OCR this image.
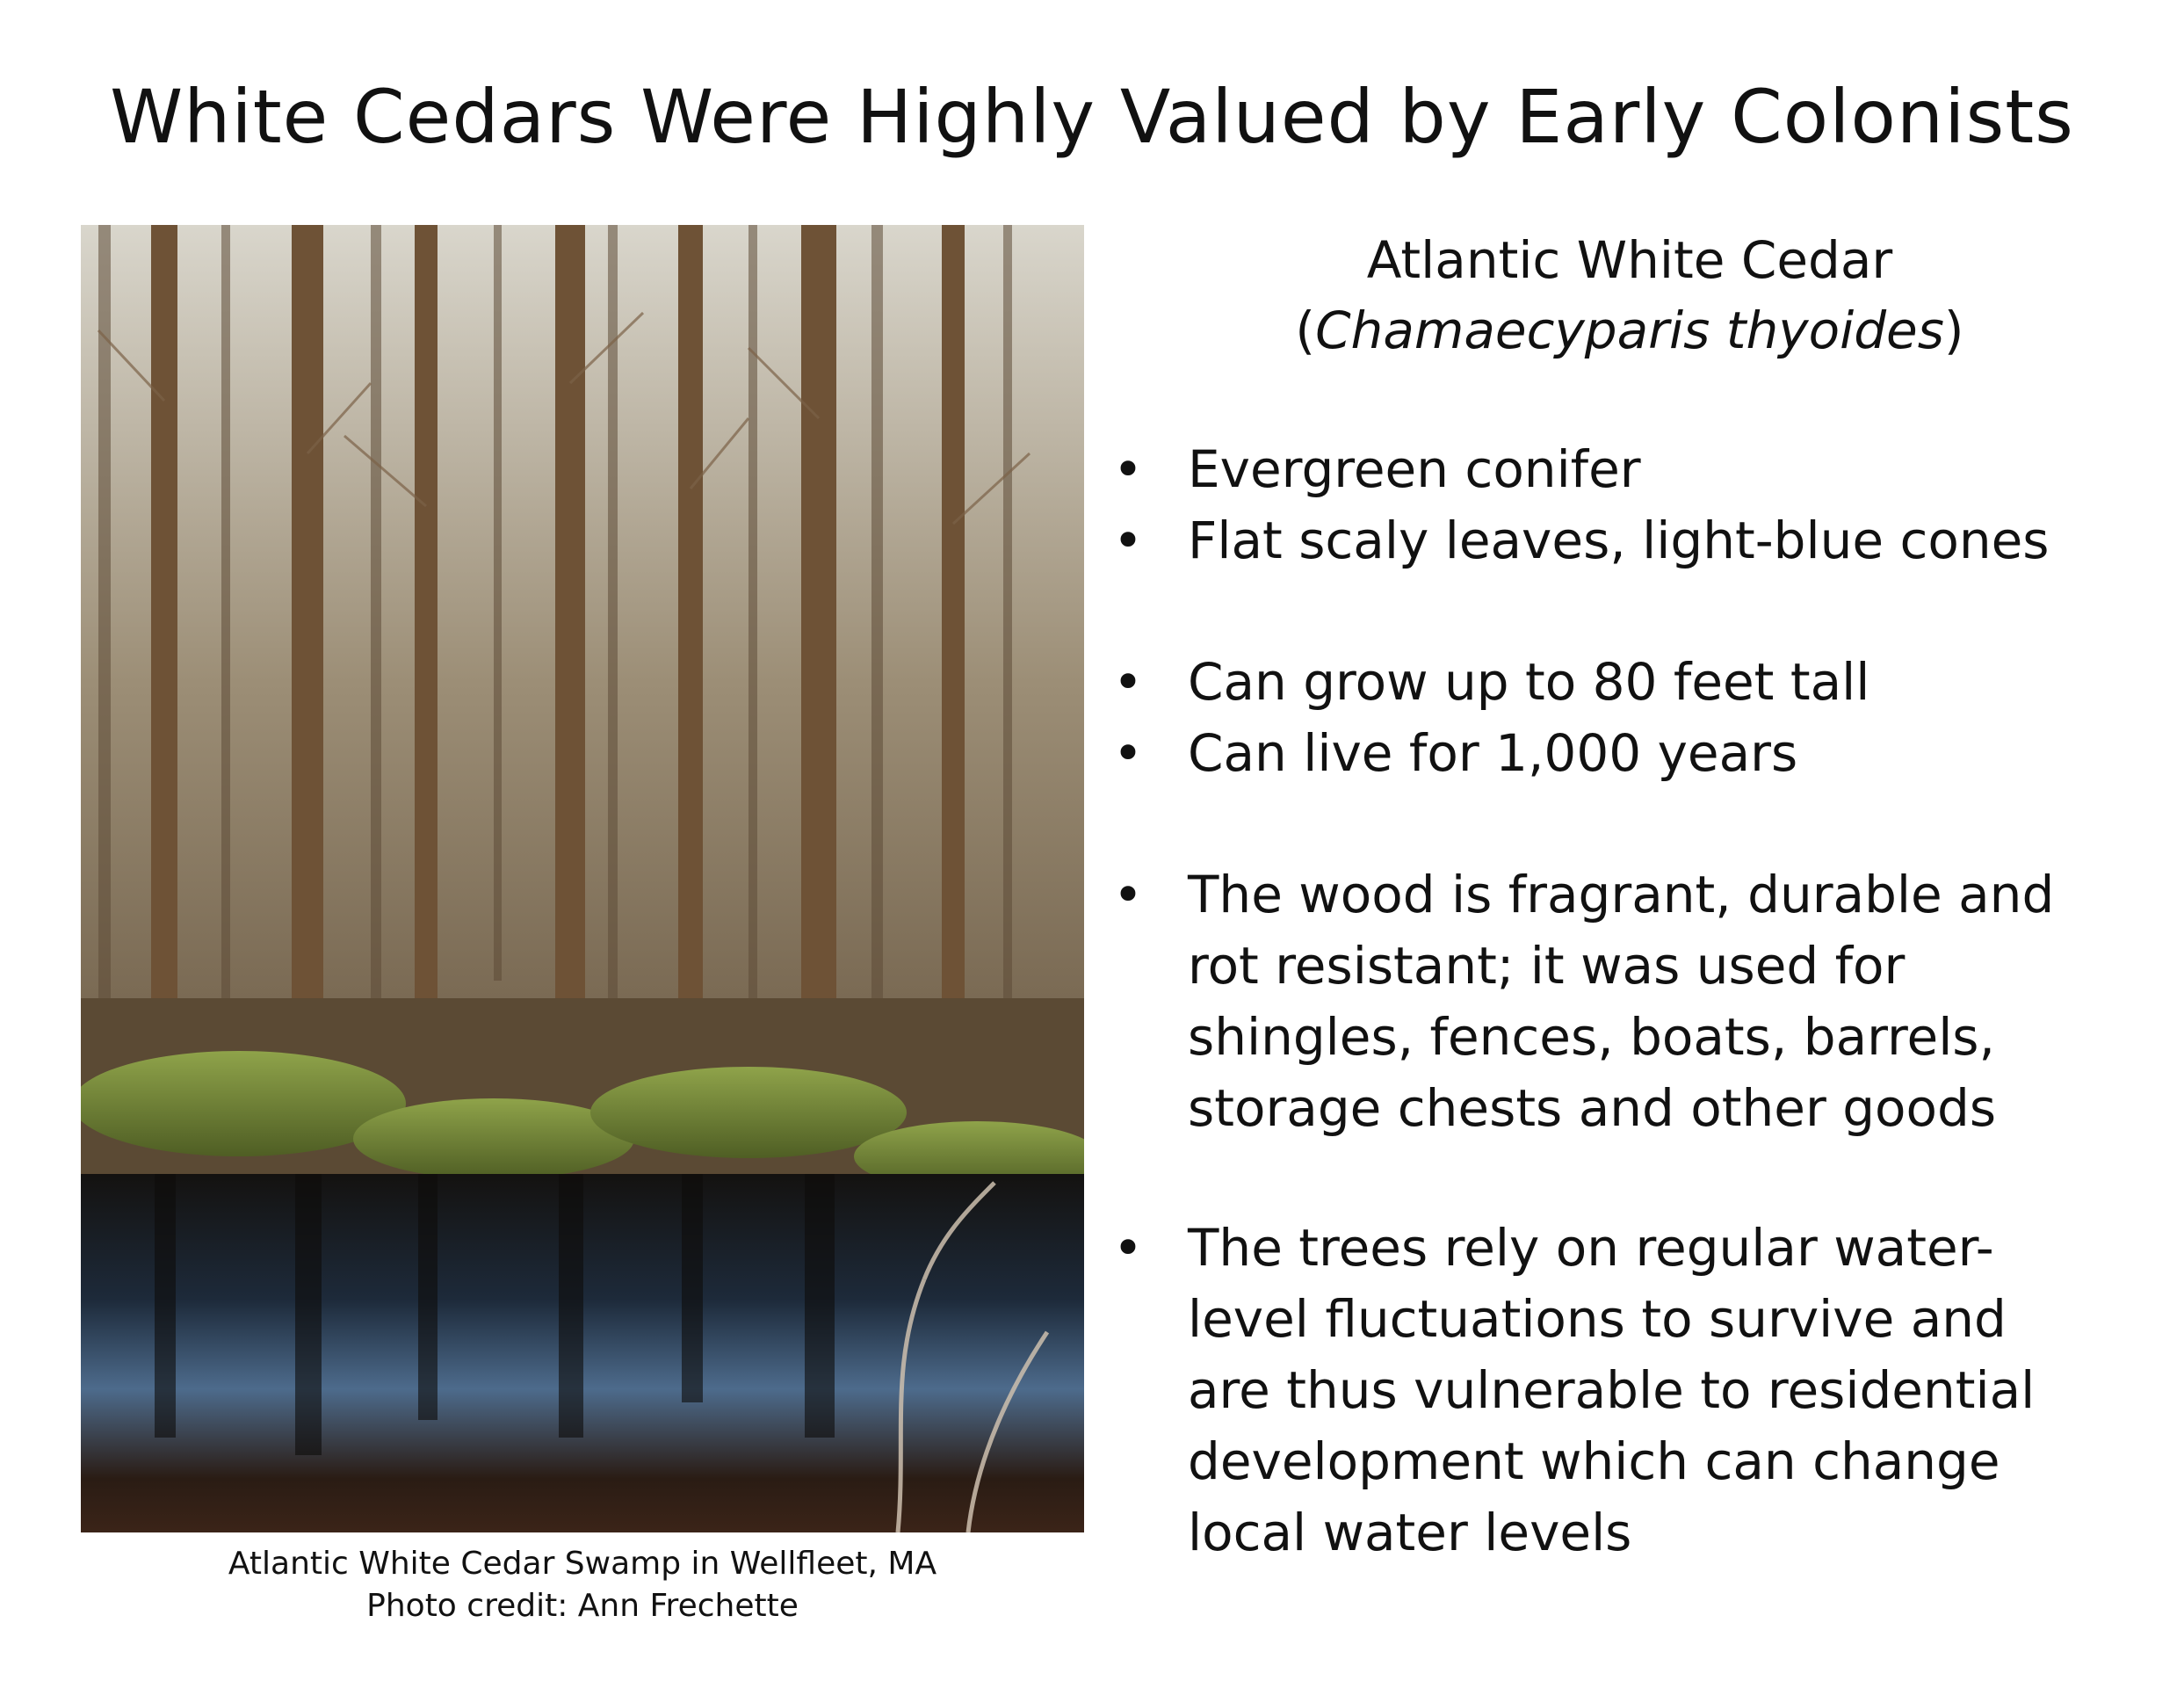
White Cedars Were Highly Valued by Early Colonists
Atlantic White Cedar Swamp in Wellfleet, MA
Photo credit: Ann Frechette
Atlantic White Cedar
(Chamaecyparis thyoides)
• Evergreen conifer
• Flat scaly leaves, light-blue cones
• Can grow up to 80 feet tall
• Can live for 1,000 years
• The wood is fragrant, durable and
rot resistant; it was used for
shingles, fences, boats, barrels,
storage chests and other goods
• The trees rely on regular water-
level fluctuations to survive and
are thus vulnerable to residential
development which can change
local water levels
